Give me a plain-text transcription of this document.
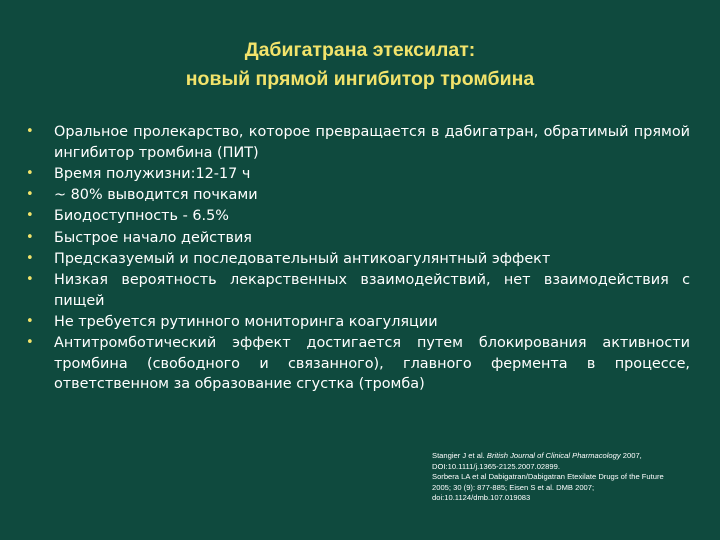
Дабигатрана этексилат:
новый прямой ингибитор тромбина
• Оральное пролекарство, которое превращается в дабигатран, обратимый прямой ингибитор тромбина (ПИТ)
• Время полужизни:12-17 ч
• ~ 80% выводится почками
• Биодоступность - 6.5%
• Быстрое начало действия
• Предсказуемый и последовательный антикоагулянтный эффект
• Низкая вероятность лекарственных взаимодействий, нет взаимодействия с пищей
• Не требуется рутинного мониторинга коагуляции
• Антитромботический эффект достигается путем блокирования активности тромбина (свободного и связанного), главного фермента в процессе, ответственном за образование сгустка (тромба)
Stangier J et al. British Journal of Clinical Pharmacology 2007,
DOI:10.1111/j.1365-2125.2007.02899.
Sorbera LA et al Dabigatran/Dabigatran Etexilate Drugs of the Future
2005; 30 (9): 877-885; Eisen S et al. DMB 2007;
doi:10.1124/dmb.107.019083
